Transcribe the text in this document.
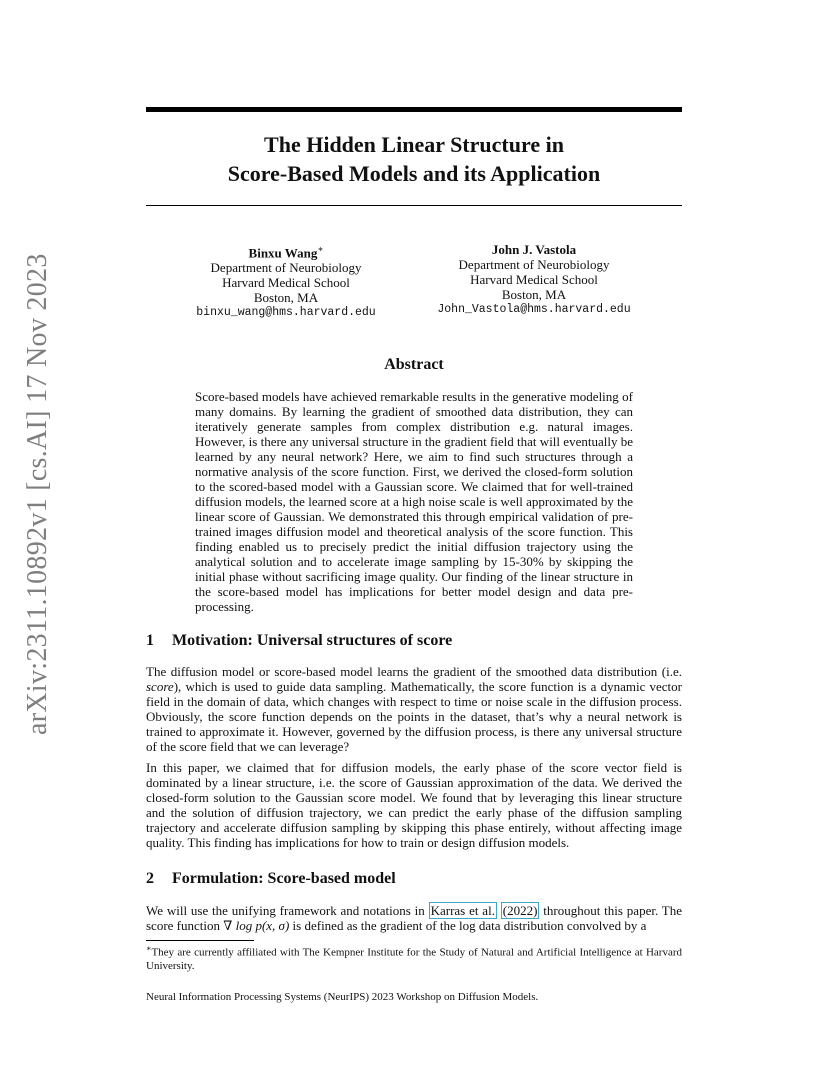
arXiv:2311.10892v1 [cs.AI] 17 Nov 2023
The Hidden Linear Structure in
Score-Based Models and its Application
Binxu Wang∗
Department of Neurobiology
Harvard Medical School
Boston, MA
binxu_wang@hms.harvard.edu
John J. Vastola
Department of Neurobiology
Harvard Medical School
Boston, MA
John_Vastola@hms.harvard.edu
Abstract
Score-based models have achieved remarkable results in the generative modeling of many domains. By learning the gradient of smoothed data distribution, they can iteratively generate samples from complex distribution e.g. natural images. However, is there any universal structure in the gradient field that will eventually be learned by any neural network? Here, we aim to find such structures through a normative analysis of the score function. First, we derived the closed-form solution to the scored-based model with a Gaussian score. We claimed that for well-trained diffusion models, the learned score at a high noise scale is well approximated by the linear score of Gaussian. We demonstrated this through empirical validation of pre-trained images diffusion model and theoretical analysis of the score function. This finding enabled us to precisely predict the initial diffusion trajectory using the analytical solution and to accelerate image sampling by 15-30% by skipping the initial phase without sacrificing image quality. Our finding of the linear structure in the score-based model has implications for better model design and data pre-processing.
1 Motivation: Universal structures of score

The diffusion model or score-based model learns the gradient of the smoothed data distribution (i.e. score), which is used to guide data sampling. Mathematically, the score function is a dynamic vector field in the domain of data, which changes with respect to time or noise scale in the diffusion process. Obviously, the score function depends on the points in the dataset, that’s why a neural network is trained to approximate it. However, governed by the diffusion process, is there any universal structure of the score field that we can leverage?

In this paper, we claimed that for diffusion models, the early phase of the score vector field is dominated by a linear structure, i.e. the score of Gaussian approximation of the data. We derived the closed-form solution to the Gaussian score model. We found that by leveraging this linear structure and the solution of diffusion trajectory, we can predict the early phase of the diffusion sampling trajectory and accelerate diffusion sampling by skipping this phase entirely, without affecting image quality. This finding has implications for how to train or design diffusion models.

2 Formulation: Score-based model

We will use the unifying framework and notations in Karras et al. (2022) throughout this paper. The score function ∇ log p(x, σ) is defined as the gradient of the log data distribution convolved by a

∗They are currently affiliated with The Kempner Institute for the Study of Natural and Artificial Intelligence at Harvard University.
Neural Information Processing Systems (NeurIPS) 2023 Workshop on Diffusion Models.
